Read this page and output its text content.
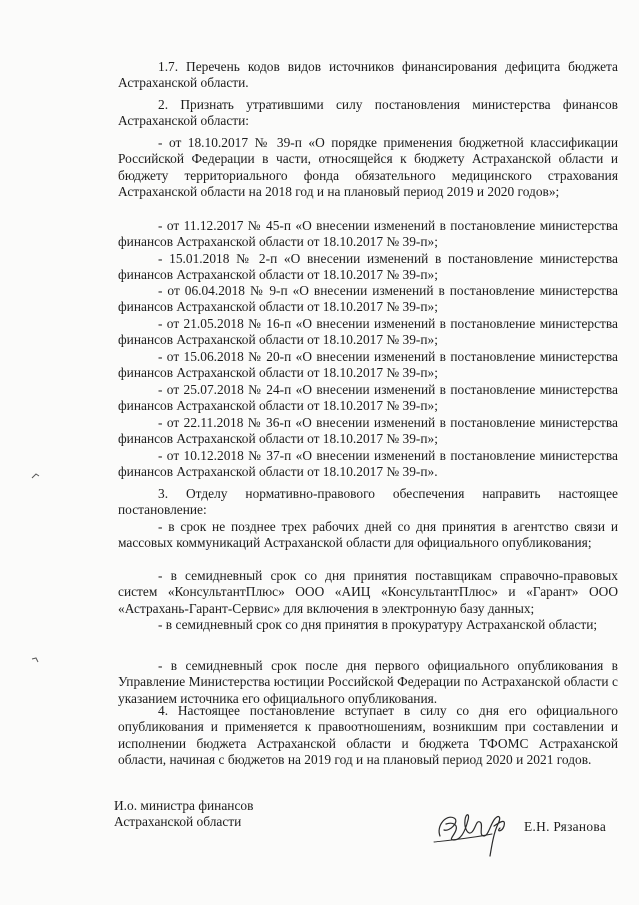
1.7. Перечень кодов видов источников финансирования дефицита бюджета Астраханской области.

2. Признать утратившими силу постановления министерства финансов Астраханской области:

- от 18.10.2017 № 39-п «О порядке применения бюджетной классификации Российской Федерации в части, относящейся к бюджету Астраханской области и бюджету территориального фонда обязательного медицинского страхования Астраханской области на 2018 год и на плановый период 2019 и 2020 годов»;

- от 11.12.2017 № 45-п «О внесении изменений в постановление министерства финансов Астраханской области от 18.10.2017 № 39-п»;

- 15.01.2018 № 2-п «О внесении изменений в постановление министерства финансов Астраханской области от 18.10.2017 № 39-п»;

- от 06.04.2018 № 9-п «О внесении изменений в постановление министерства финансов Астраханской области от 18.10.2017 № 39-п»;

- от 21.05.2018 № 16-п «О внесении изменений в постановление министерства финансов Астраханской области от 18.10.2017 № 39-п»;

- от 15.06.2018 № 20-п «О внесении изменений в постановление министерства финансов Астраханской области от 18.10.2017 № 39-п»;

- от 25.07.2018 № 24-п «О внесении изменений в постановление министерства финансов Астраханской области от 18.10.2017 № 39-п»;

- от 22.11.2018 № 36-п «О внесении изменений в постановление министерства финансов Астраханской области от 18.10.2017 № 39-п»;

- от 10.12.2018 № 37-п «О внесении изменений в постановление министерства финансов Астраханской области от 18.10.2017 № 39-п».

3. Отделу нормативно-правового обеспечения направить настоящее постановление:

- в срок не позднее трех рабочих дней со дня принятия в агентство связи и массовых коммуникаций Астраханской области для официального опубликования;

- в семидневный срок со дня принятия поставщикам справочно-правовых систем «КонсультантПлюс» ООО «АИЦ «КонсультантПлюс» и «Гарант» ООО «Астрахань-Гарант-Сервис» для включения в электронную базу данных;

- в семидневный срок со дня принятия в прокуратуру Астраханской области;

- в семидневный срок после дня первого официального опубликования в Управление Министерства юстиции Российской Федерации по Астраханской области с указанием источника его официального опубликования.

4. Настоящее постановление вступает в силу со дня его официального опубликования и применяется к правоотношениям, возникшим при составлении и исполнении бюджета Астраханской области и бюджета ТФОМС Астраханской области, начиная с бюджетов на 2019 год и на плановый период 2020 и 2021 годов.

И.о. министра финансов
Астраханской области	Е.Н. Рязанова
